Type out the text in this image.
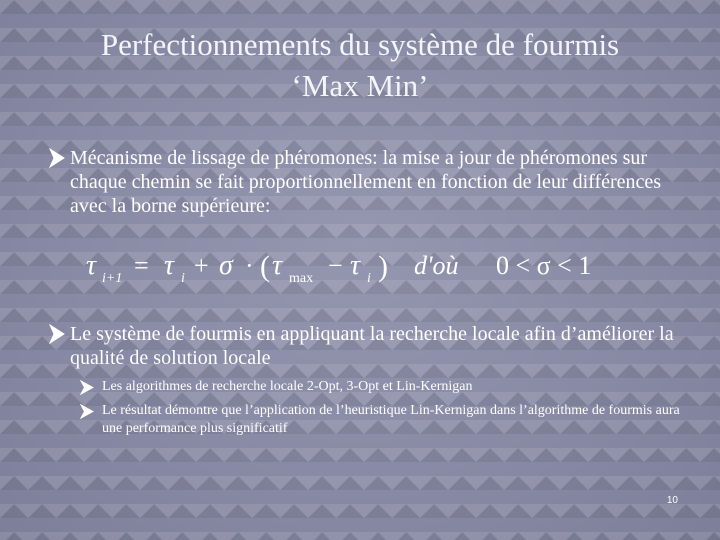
Perfectionnements du système de fourmis
‘Max Min’
Mécanisme de lissage de phéromones: la mise a jour de phéromones sur chaque chemin se fait proportionnellement en fonction de leur différences avec la borne supérieure:
τ i+1 = τ i + σ · ( τ max − τ i ) d'où 0 < σ < 1
Le système de fourmis en appliquant la recherche locale afin d’améliorer la qualité de solution locale
Les algorithmes de recherche locale 2-Opt, 3-Opt et Lin-Kernigan
Le résultat démontre que l’application de l’heuristique Lin-Kernigan dans l’algorithme de fourmis aura une performance plus significatif
10
